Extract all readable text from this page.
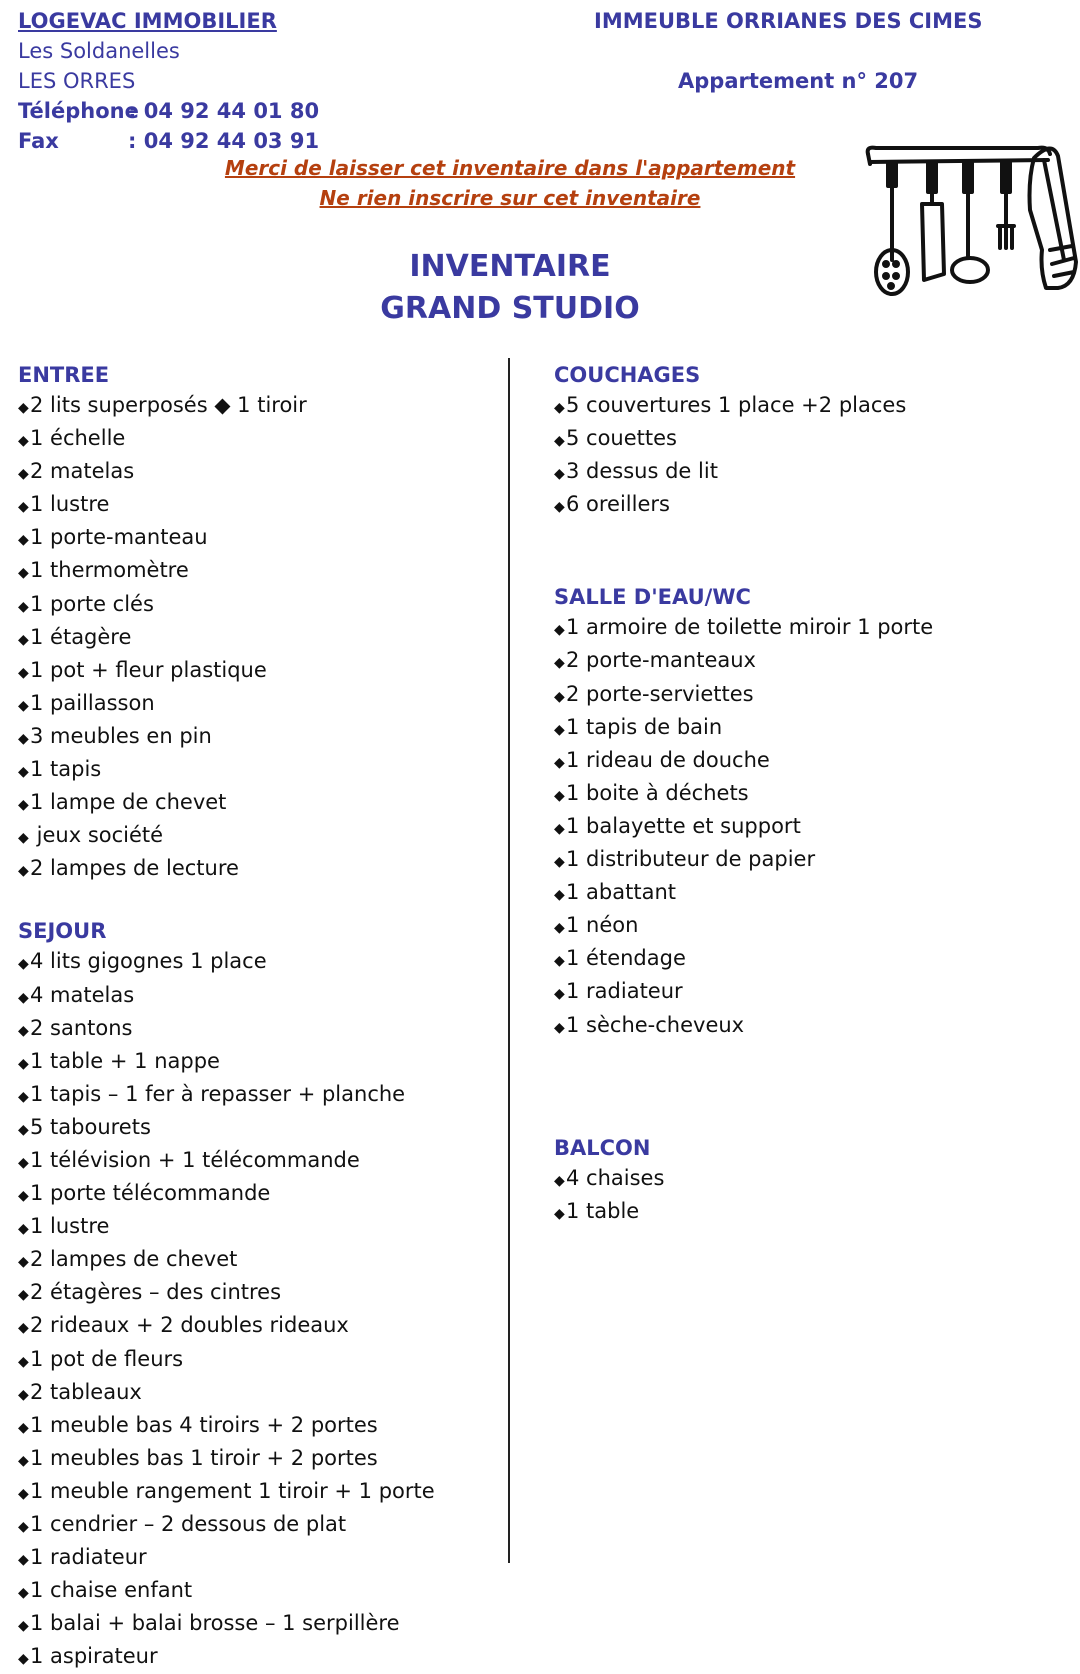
LOGEVAC IMMOBILIER
Les Soldanelles
LES ORRES
Téléphone
: 04 92 44 01 80
Fax	: 04 92 44 03 91
IMMEUBLE ORRIANES DES CIMES
Appartement n° 207
Merci de laisser cet inventaire dans l'appartement
Ne rien inscrire sur cet inventaire
INVENTAIRE
GRAND STUDIO
ENTREE
◆2 lits superposés ◆ 1 tiroir
◆1 échelle
◆2 matelas
◆1 lustre
◆1 porte-manteau
◆1 thermomètre
◆1 porte clés
◆1 étagère
◆1 pot + fleur plastique
◆1 paillasson
◆3 meubles en pin
◆1 tapis
◆1 lampe de chevet
◆ jeux société
◆2 lampes de lecture
SEJOUR
◆4 lits gigognes 1 place
◆4 matelas
◆2 santons
◆1 table + 1 nappe
◆1 tapis – 1 fer à repasser + planche
◆5 tabourets
◆1 télévision + 1 télécommande
◆1 porte télécommande
◆1 lustre
◆2 lampes de chevet
◆2 étagères – des cintres
◆2 rideaux + 2 doubles rideaux
◆1 pot de fleurs
◆2 tableaux
◆1 meuble bas 4 tiroirs + 2 portes
◆1 meubles bas 1 tiroir + 2 portes
◆1 meuble rangement 1 tiroir + 1 porte
◆1 cendrier – 2 dessous de plat
◆1 radiateur
◆1 chaise enfant
◆1 balai + balai brosse – 1 serpillère
◆1 aspirateur
COUCHAGES
◆5 couvertures 1 place +2 places
◆5 couettes
◆3 dessus de lit
◆6 oreillers
SALLE D'EAU/WC
◆1 armoire de toilette miroir 1 porte
◆2 porte-manteaux
◆2 porte-serviettes
◆1 tapis de bain
◆1 rideau de douche
◆1 boite à déchets
◆1 balayette et support
◆1 distributeur de papier
◆1 abattant
◆1 néon
◆1 étendage
◆1 radiateur
◆1 sèche-cheveux
BALCON
◆4 chaises
◆1 table
